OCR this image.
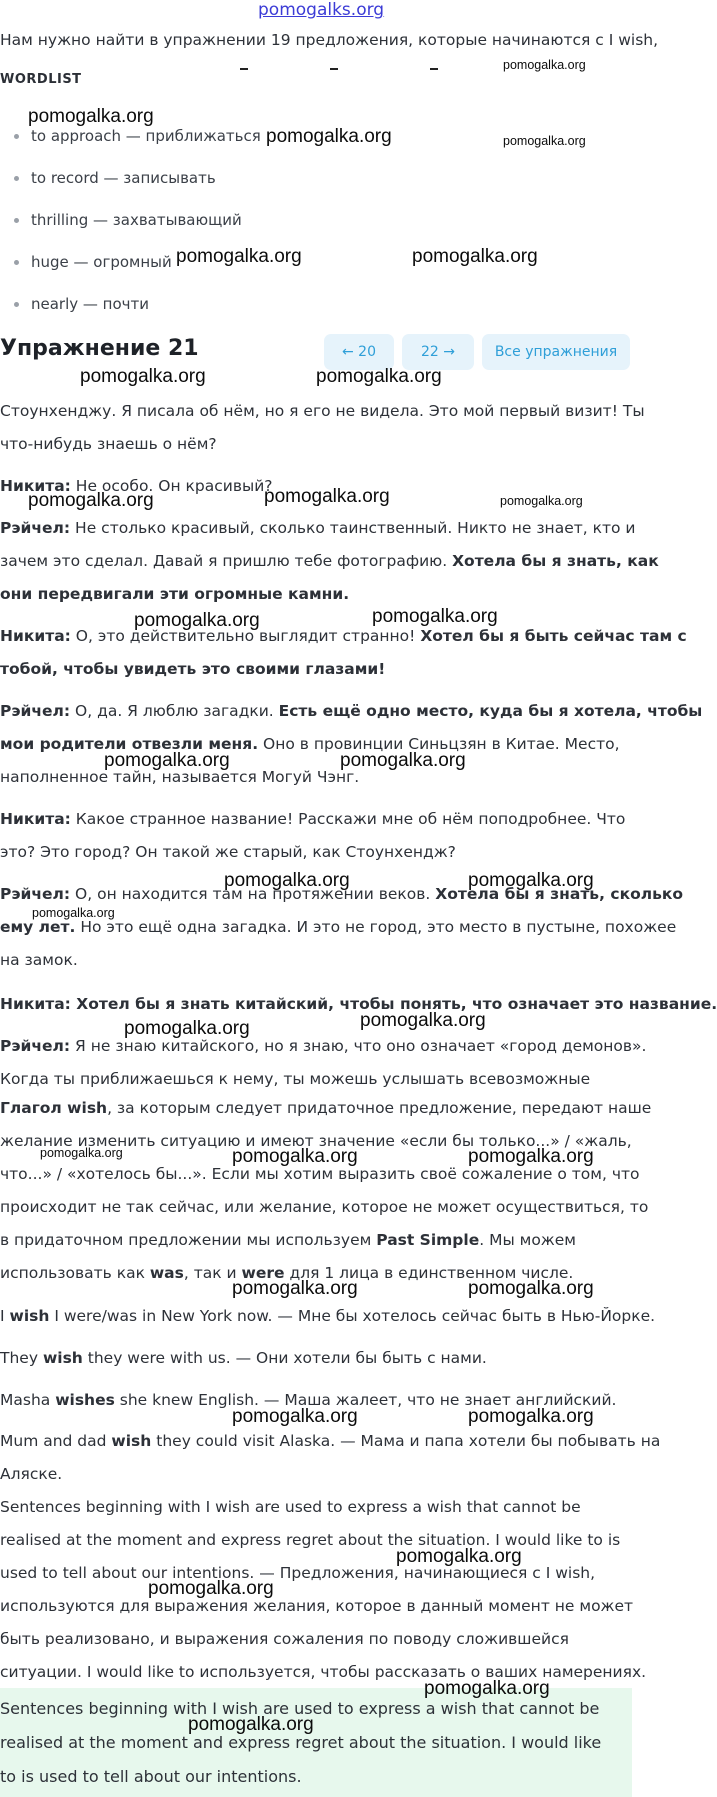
pomogalks.org
Нам нужно найти в упражнении 19 предложения, которые начинаются с I wish,
WORDLIST
to approach — приближаться
to record — записывать
thrilling — захватывающий
huge — огромный
nearly — почти
Упражнение 21	← 20	22 →	Все упражнения
Стоунхенджу. Я писала об нём, но я его не видела. Это мой первый визит! Ты
что-нибудь знаешь о нём?
Никита: Не особо. Он красивый?
Рэйчел: Не столько красивый, сколько таинственный. Никто не знает, кто и
зачем это сделал. Давай я пришлю тебе фотографию. Хотела бы я знать, как
они передвигали эти огромные камни.
Никита: О, это действительно выглядит странно! Хотел бы я быть сейчас там с
тобой, чтобы увидеть это своими глазами!
Рэйчел: О, да. Я люблю загадки. Есть ещё одно место, куда бы я хотела, чтобы
мои родители отвезли меня. Оно в провинции Синьцзян в Китае. Место,
наполненное тайн, называется Могуй Чэнг.
Никита: Какое странное название! Расскажи мне об нём поподробнее. Что
это? Это город? Он такой же старый, как Стоунхендж?
Рэйчел: О, он находится там на протяжении веков. Хотела бы я знать, сколько
ему лет. Но это ещё одна загадка. И это не город, это место в пустыне, похожее
на замок.
Никита: Хотел бы я знать китайский, чтобы понять, что означает это название.
Рэйчел: Я не знаю китайского, но я знаю, что оно означает «город демонов».
Когда ты приближаешься к нему, ты можешь услышать всевозможные
Глагол wish, за которым следует придаточное предложение, передают наше
желание изменить ситуацию и имеют значение «если бы только...» / «жаль,
что...» / «хотелось бы...». Если мы хотим выразить своё сожаление о том, что
происходит не так сейчас, или желание, которое не может осуществиться, то
в придаточном предложении мы используем Past Simple. Мы можем
использовать как was, так и were для 1 лица в единственном числе.
I wish I were/was in New York now. — Мне бы хотелось сейчас быть в Нью-Йорке.
They wish they were with us. — Они хотели бы быть с нами.
Masha wishes she knew English. — Маша жалеет, что не знает английский.
Mum and dad wish they could visit Alaska. — Мама и папа хотели бы побывать на
Аляске.
Sentences beginning with I wish are used to express a wish that cannot be
realised at the moment and express regret about the situation. I would like to is
used to tell about our intentions. — Предложения, начинающиеся с I wish,
используются для выражения желания, которое в данный момент не может
быть реализовано, и выражения сожаления по поводу сложившейся
ситуации. I would like to используется, чтобы рассказать о ваших намерениях.
Sentences beginning with I wish are used to express a wish that cannot be
realised at the moment and express regret about the situation. I would like
to is used to tell about our intentions.
pomogalka.org
pomogalka.org
pomogalka.org	pomogalka.org
pomogalka.org	pomogalka.org
pomogalka.org	pomogalka.org
pomogalka.org	pomogalka.org	pomogalka.org
pomogalka.org	pomogalka.org
pomogalka.org	pomogalka.org
pomogalka.org	pomogalka.org
pomogalka.org
pomogalka.org	pomogalka.org
pomogalka.org	pomogalka.org	pomogalka.org
pomogalka.org	pomogalka.org
pomogalka.org	pomogalka.org
pomogalka.org
pomogalka.org
pomogalka.org
pomogalka.org
